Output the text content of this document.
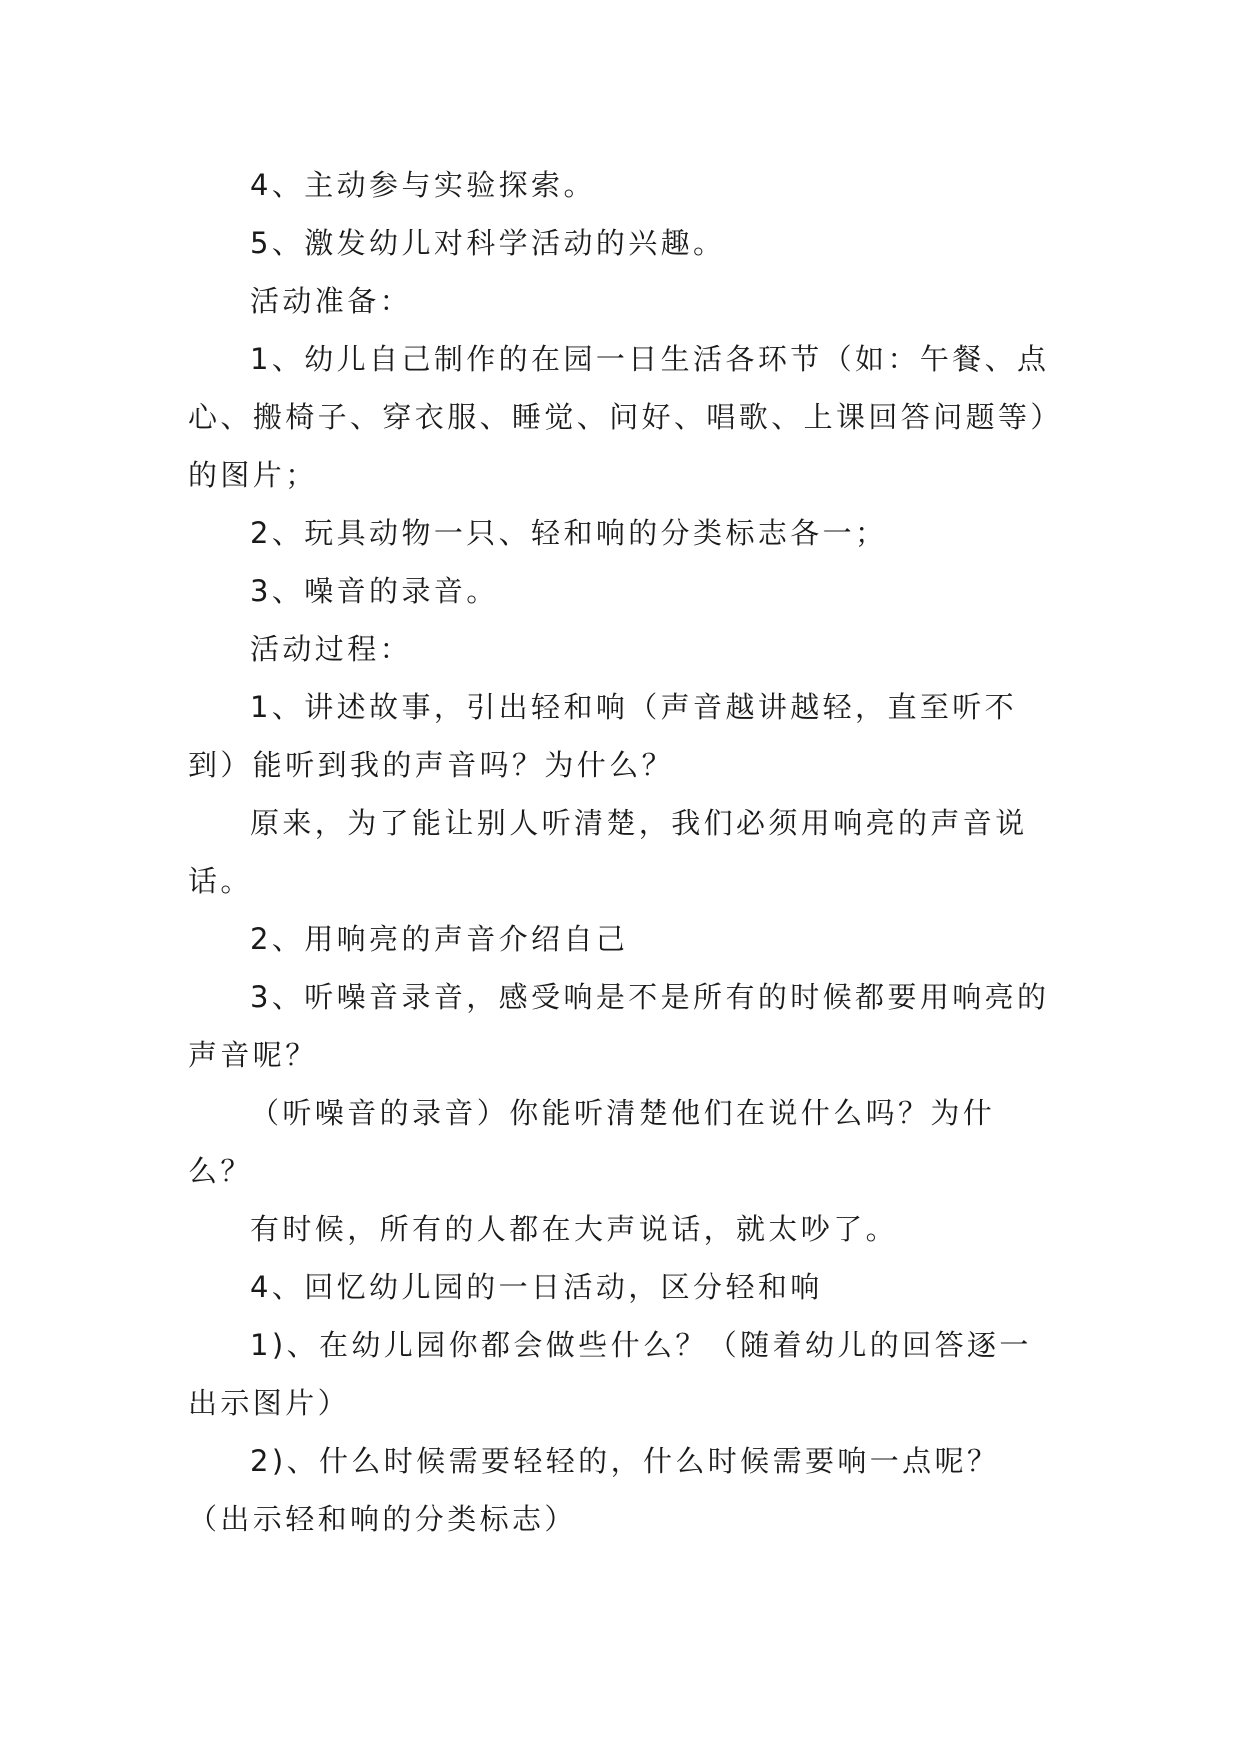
4、主动参与实验探索。

5、激发幼儿对科学活动的兴趣。

活动准备：

1、幼儿自己制作的在园一日生活各环节（如：午餐、点心、搬椅子、穿衣服、睡觉、问好、唱歌、上课回答问题等）的图片；

2、玩具动物一只、轻和响的分类标志各一；

3、噪音的录音。

活动过程：

1、讲述故事，引出轻和响（声音越讲越轻，直至听不到）能听到我的声音吗？为什么？

原来，为了能让别人听清楚，我们必须用响亮的声音说话。

2、用响亮的声音介绍自己

3、听噪音录音，感受响是不是所有的时候都要用响亮的声音呢？

（听噪音的录音）你能听清楚他们在说什么吗？为什么？

有时候，所有的人都在大声说话，就太吵了。

4、回忆幼儿园的一日活动，区分轻和响

1)、在幼儿园你都会做些什么？（随着幼儿的回答逐一出示图片）

2)、什么时候需要轻轻的，什么时候需要响一点呢？（出示轻和响的分类标志）
